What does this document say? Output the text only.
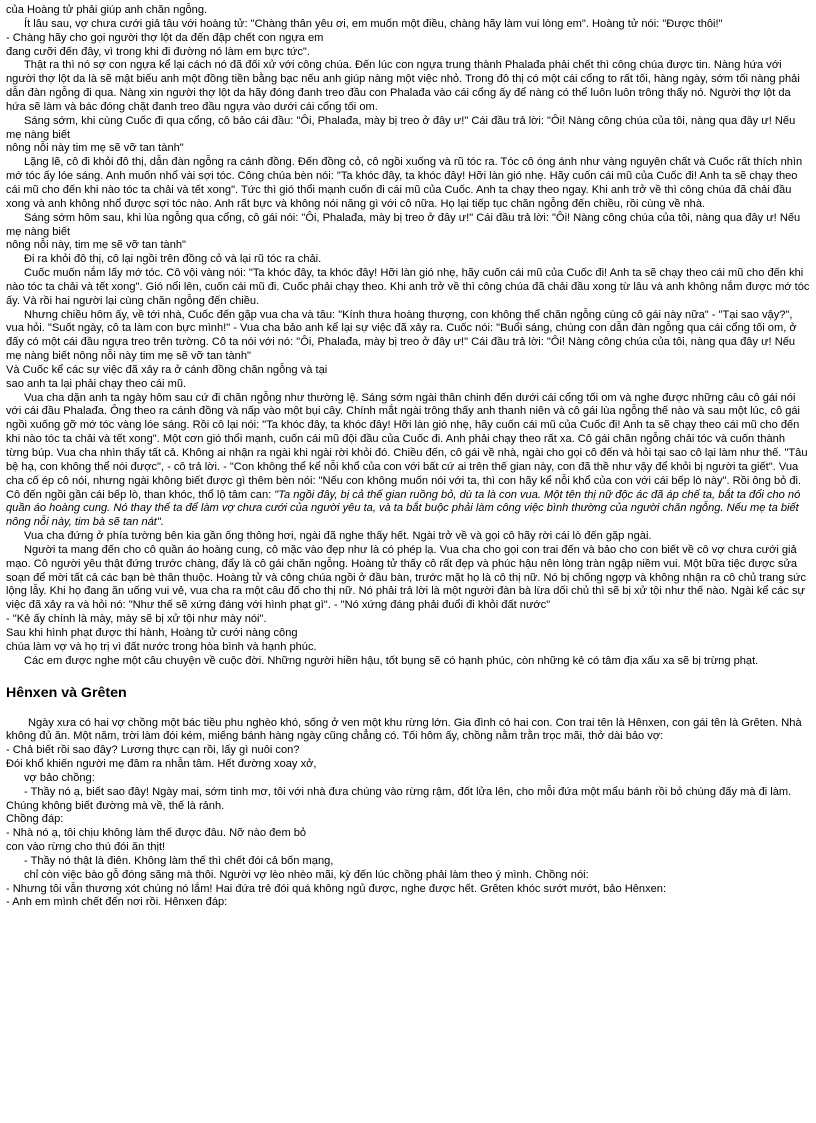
của Hoàng tử phải giúp anh chăn ngỗng.

Ít lâu sau, vợ chưa cưới giả tâu với hoàng tử: "Chàng thân yêu ơi, em muốn một điều, chàng hãy làm vui lòng em". Hoàng tử nói: "Được thôi!"

- Chàng hãy cho gọi người thợ lột da đến đập chết con ngựa em

đang cưỡi đến đây, vì trong khi đi đường nó làm em bực tức".

Thật ra thì nó sợ con ngựa kể lại cách nó đã đối xử với công chúa. Đến lúc con ngựa trung thành Phalađa phải chết thì công chúa được tin. Nàng hứa với người thợ lột da là sẽ mật biếu anh một đồng tiền bằng bạc nếu anh giúp nàng một việc nhỏ. Trong đô thị có một cái cổng to rất tối, hàng ngày, sớm tối nàng phải dẫn đàn ngỗng đi qua. Nàng xin người thợ lột da hãy đóng đanh treo đầu con Phalađa vào cái cổng ấy để nàng có thể luôn luôn trông thấy nó. Người thợ lột da hứa sẽ làm và bác đóng chặt đanh treo đầu ngựa vào dưới cái cổng tối om.

Sáng sớm, khi cùng Cuốc đi qua cổng, cô bảo cái đầu: "Ôi, Phalađa, mày bị treo ở đây ư!" Cái đầu trả lời: "Ôi! Nàng công chúa của tôi, nàng qua đây ư! Nếu mẹ nàng biết

nông nỗi này tim mẹ sẽ vỡ tan tành"

Lặng lẽ, cô đi khỏi đô thị, dẫn đàn ngỗng ra cánh đồng. Đến đồng cỏ, cô ngồi xuống và rũ tóc ra. Tóc cô óng ánh như vàng nguyên chất và Cuốc rất thích nhìn mớ tóc ấy lóe sáng. Anh muốn nhổ vài sợi tóc. Công chúa bèn nói: "Ta khóc đây, ta khóc đây! Hỡi làn gió nhẹ. Hãy cuốn cái mũ của Cuốc đi! Anh ta sẽ chạy theo cái mũ cho đến khi nào tóc ta chải và tết xong". Tức thì gió thổi mạnh cuốn đi cái mũ của Cuốc. Anh ta chạy theo ngay. Khi anh trở về thì công chúa đã chải đầu xong và anh không nhổ được sợi tóc nào. Anh rất bực và không nói năng gì với cô nữa. Họ lại tiếp tục chăn ngỗng đến chiều, rồi cùng về nhà.

Sáng sớm hôm sau, khi lùa ngỗng qua cổng, cô gái nói: "Ôi, Phalađa, mày bị treo ở đây ư!" Cái đầu trả lời: "Ôi! Nàng công chúa của tôi, nàng qua đây ư! Nếu mẹ nàng biết

nông nỗi này, tim mẹ sẽ vỡ tan tành"

Đi ra khỏi đô thị, cô lại ngồi trên đồng cỏ và lại rũ tóc ra chải.

Cuốc muốn nắm lấy mớ tóc. Cô vội vàng nói: "Ta khóc đây, ta khóc đây! Hỡi làn gió nhẹ, hãy cuốn cái mũ của Cuốc đi! Anh ta sẽ chạy theo cái mũ cho đến khi nào tóc ta chải và tết xong". Gió nổi lên, cuốn cái mũ đi. Cuốc phải chạy theo. Khi anh trở về thì công chúa đã chải đầu xong từ lâu và anh không nắm được mớ tóc ấy. Và rồi hai người lại cùng chăn ngỗng đến chiều.

Nhưng chiều hôm ấy, về tới nhà, Cuốc đến gặp vua cha và tâu: "Kính thưa hoàng thượng, con không thể chăn ngỗng cùng cô gái này nữa" - "Tại sao vậy?", vua hỏi. "Suốt ngày, cô ta làm con bực mình!" - Vua cha bảo anh kể lại sự việc đã xảy ra. Cuốc nói: "Buổi sáng, chúng con dẫn đàn ngỗng qua cái cổng tối om, ở đấy có một cái đầu ngựa treo trên tường. Cô ta nói với nó: "Ôi, Phalađa, mày bị treo ở đây ư!" Cái đầu trả lời: "Ôi! Nàng công chúa của tôi, nàng qua đây ư! Nếu mẹ nàng biết nông nỗi này tim mẹ sẽ vỡ tan tành"

Và Cuốc kể các sự việc đã xảy ra ở cánh đồng chăn ngỗng và tại

sao anh ta lại phải chạy theo cái mũ.

Vua cha dặn anh ta ngày hôm sau cứ đi chăn ngỗng như thường lệ. Sáng sớm ngài thân chinh đến dưới cái cổng tối om và nghe được những câu cô gái nói với cái đầu Phalađa. Ông theo ra cánh đồng và nấp vào một bụi cây. Chính mắt ngài trông thấy anh thanh niên và cô gái lùa ngỗng thế nào và sau một lúc, cô gái ngồi xuống gỡ mớ tóc vàng lóe sáng. Rồi cô lại nói: "Ta khóc đây, ta khóc đây! Hỡi làn gió nhẹ, hãy cuốn cái mũ của Cuốc đi! Anh ta sẽ chạy theo cái mũ cho đến khi nào tóc ta chải và tết xong". Một cơn gió thổi mạnh, cuốn cái mũ đội đầu của Cuốc đi. Anh phải chạy theo rất xa. Cô gái chăn ngỗng chải tóc và cuốn thành từng búp. Vua cha nhìn thấy tất cả. Không ai nhận ra ngài khi ngài rời khỏi đó. Chiều đến, cô gái về nhà, ngài cho gọi cô đến và hỏi tại sao cô lại làm như thế. "Tâu bệ hạ, con không thể nói được", - cô trả lời. - "Con không thể kể nỗi khổ của con với bất cứ ai trên thế gian này, con đã thề như vậy để khỏi bị người ta giết". Vua cha cố ép cô nói, nhưng ngài không biết được gì thêm bèn nói: "Nếu con không muốn nói với ta, thì con hãy kể nỗi khổ của con với cái bếp lò này". Rồi ông bỏ đi. Cô đến ngồi gần cái bếp lò, than khóc, thổ lộ tâm can: "Ta ngồi đây, bị cả thế gian ruồng bỏ, dù ta là con vua. Một tên thị nữ độc ác đã áp chế ta, bắt ta đổi cho nó quần áo hoàng cung. Nó thay thế ta để làm vợ chưa cưới của người yêu ta, và ta bắt buộc phải làm công việc bình thường của người chăn ngỗng. Nếu mẹ ta biết nông nỗi này, tim bà sẽ tan nát".

Vua cha đứng ở phía tường bên kia gần ống thông hơi, ngài đã nghe thấy hết. Ngài trở về và gọi cô hãy rời cái lò đến gặp ngài.

Người ta mang đến cho cô quần áo hoàng cung, cô mặc vào đẹp như là có phép lạ. Vua cha cho gọi con trai đến và bảo cho con biết về cô vợ chưa cưới giả mạo. Cô người yêu thật đứng trước chàng, đẩy là cô gái chăn ngỗng. Hoàng tử thấy cô rất đẹp và phúc hậu nên lòng tràn ngập niềm vui. Một bữa tiệc được sửa soạn để mời tất cả các bạn bè thân thuộc. Hoàng tử và công chúa ngồi ở đầu bàn, trước mặt họ là cô thị nữ. Nó bị chống ngợp và không nhận ra cô chủ trang sức lộng lẫy. Khi họ đang ăn uống vui vẻ, vua cha ra một câu đố cho thị nữ. Nó phải trả lời là một người đàn bà lừa dối chủ thì sẽ bị xử tội như thế nào. Ngài kể các sự việc đã xảy ra và hỏi nó: "Như thế sẽ xứng đáng với hình phạt gì". - "Nó xứng đáng phải đuổi đi khỏi đất nước"

- "Kẻ ấy chính là mày, mày sẽ bị xử tội như mày nói".

Sau khi hình phạt được thi hành, Hoàng tử cưới nàng công

chúa làm vợ và họ trị vì đất nước trong hòa bình và hạnh phúc.

Các em được nghe một câu chuyện về cuộc đời. Những người hiền hậu, tốt bụng sẽ có hạnh phúc, còn những kẻ có tâm địa xấu xa sẽ bị trừng phạt.

Hênxen và Grêten

Ngày xưa có hai vợ chồng một bác tiều phu nghèo khó, sống ở ven một khu rừng lớn. Gia đình có hai con. Con trai tên là Hênxen, con gái tên là Grêten. Nhà không đủ ăn. Một năm, trời làm đói kém, miếng bánh hàng ngày cũng chẳng có. Tối hôm ấy, chồng nằm trằn trọc mãi, thở dài bảo vợ:

- Chả biết rồi sao đây? Lương thực cạn rồi, lấy gì nuôi con?

Đói khổ khiến người mẹ đâm ra nhẫn tâm. Hết đường xoay xở,

vợ bảo chồng:

- Thầy nó ạ, biết sao đây! Ngày mai, sớm tinh mơ, tôi với nhà đưa chúng vào rừng rậm, đốt lửa lên, cho mỗi đứa một mẩu bánh rồi bỏ chúng đấy mà đi làm. Chúng không biết đường mà về, thế là rảnh.

Chồng đáp:

- Nhà nó ạ, tôi chịu không làm thế được đâu. Nỡ nào đem bỏ

con vào rừng cho thú đói ăn thịt!

- Thầy nó thật là điên. Không làm thế thì chết đói cả bốn mạng,

chỉ còn việc bào gỗ đóng săng mà thôi. Người vợ lèo nhèo mãi, kỳ đến lúc chồng phải làm theo ý mình. Chồng nói:

- Nhưng tôi vẫn thương xót chúng nó lắm! Hai đứa trẻ đói quá không ngủ được, nghe được hết. Grêten khóc sướt mướt, bảo Hênxen:

- Anh em mình chết đến nơi rồi. Hênxen đáp:
